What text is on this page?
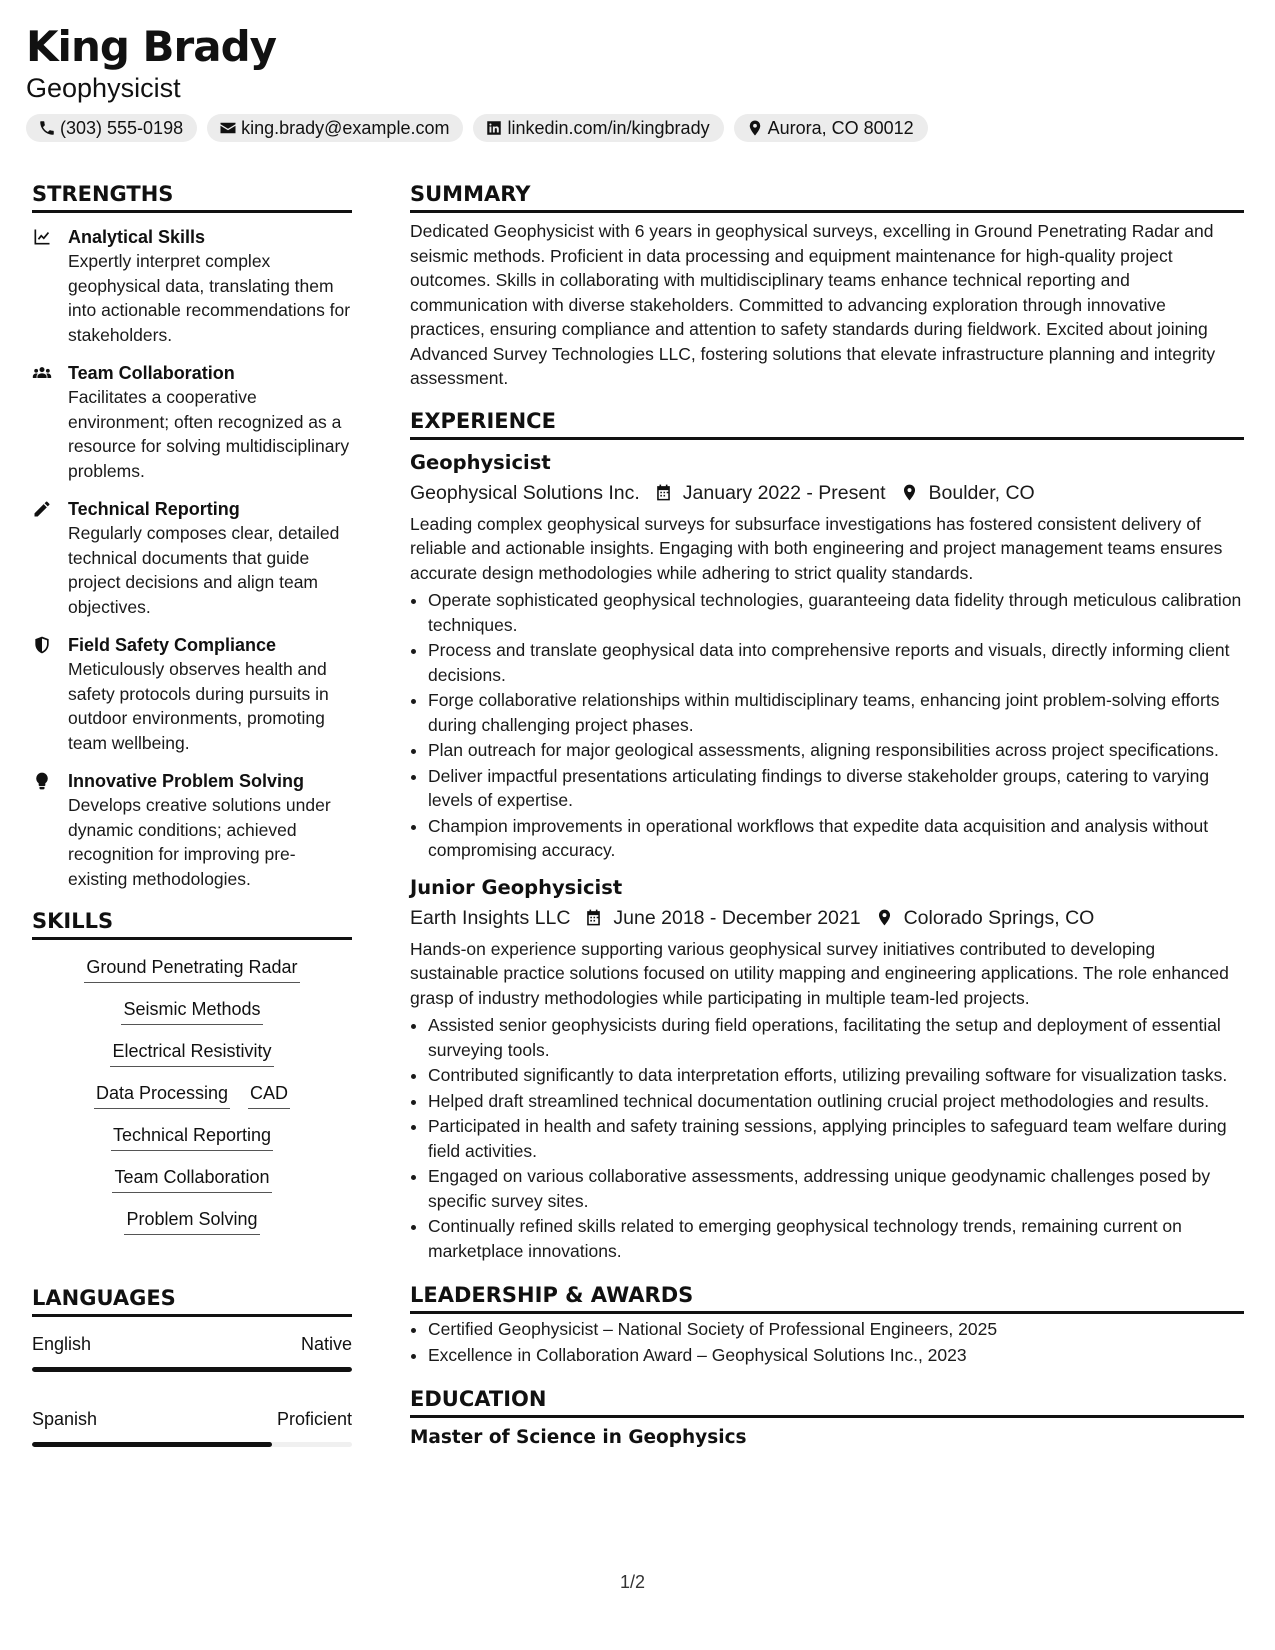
King Brady
Geophysicist
(303) 555-0198	king.brady@example.com	linkedin.com/in/kingbrady	Aurora, CO 80012
STRENGTHS
Analytical Skills
Expertly interpret complex geophysical data, translating them into actionable recommendations for stakeholders.
Team Collaboration
Facilitates a cooperative environment; often recognized as a resource for solving multidisciplinary problems.
Technical Reporting
Regularly composes clear, detailed technical documents that guide project decisions and align team objectives.
Field Safety Compliance
Meticulously observes health and safety protocols during pursuits in outdoor environments, promoting team wellbeing.
Innovative Problem Solving
Develops creative solutions under dynamic conditions; achieved recognition for improving pre-existing methodologies.
SKILLS
Ground Penetrating Radar
Seismic Methods
Electrical Resistivity
Data Processing CAD
Technical Reporting
Team Collaboration
Problem Solving
LANGUAGES
English	Native
Spanish	Proficient
SUMMARY
Dedicated Geophysicist with 6 years in geophysical surveys, excelling in Ground Penetrating Radar and seismic methods. Proficient in data processing and equipment maintenance for high-quality project outcomes. Skills in collaborating with multidisciplinary teams enhance technical reporting and communication with diverse stakeholders. Committed to advancing exploration through innovative practices, ensuring compliance and attention to safety standards during fieldwork. Excited about joining Advanced Survey Technologies LLC, fostering solutions that elevate infrastructure planning and integrity assessment.
EXPERIENCE
Geophysicist
Geophysical Solutions Inc. January 2022 - Present Boulder, CO
Leading complex geophysical surveys for subsurface investigations has fostered consistent delivery of reliable and actionable insights. Engaging with both engineering and project management teams ensures accurate design methodologies while adhering to strict quality standards.
• Operate sophisticated geophysical technologies, guaranteeing data fidelity through meticulous calibration techniques.
• Process and translate geophysical data into comprehensive reports and visuals, directly informing client decisions.
• Forge collaborative relationships within multidisciplinary teams, enhancing joint problem-solving efforts during challenging project phases.
• Plan outreach for major geological assessments, aligning responsibilities across project specifications.
• Deliver impactful presentations articulating findings to diverse stakeholder groups, catering to varying levels of expertise.
• Champion improvements in operational workflows that expedite data acquisition and analysis without compromising accuracy.
Junior Geophysicist
Earth Insights LLC June 2018 - December 2021 Colorado Springs, CO
Hands-on experience supporting various geophysical survey initiatives contributed to developing sustainable practice solutions focused on utility mapping and engineering applications. The role enhanced grasp of industry methodologies while participating in multiple team-led projects.
• Assisted senior geophysicists during field operations, facilitating the setup and deployment of essential surveying tools.
• Contributed significantly to data interpretation efforts, utilizing prevailing software for visualization tasks.
• Helped draft streamlined technical documentation outlining crucial project methodologies and results.
• Participated in health and safety training sessions, applying principles to safeguard team welfare during field activities.
• Engaged on various collaborative assessments, addressing unique geodynamic challenges posed by specific survey sites.
• Continually refined skills related to emerging geophysical technology trends, remaining current on marketplace innovations.
LEADERSHIP & AWARDS
• Certified Geophysicist – National Society of Professional Engineers, 2025
• Excellence in Collaboration Award – Geophysical Solutions Inc., 2023
EDUCATION
Master of Science in Geophysics
1/2
